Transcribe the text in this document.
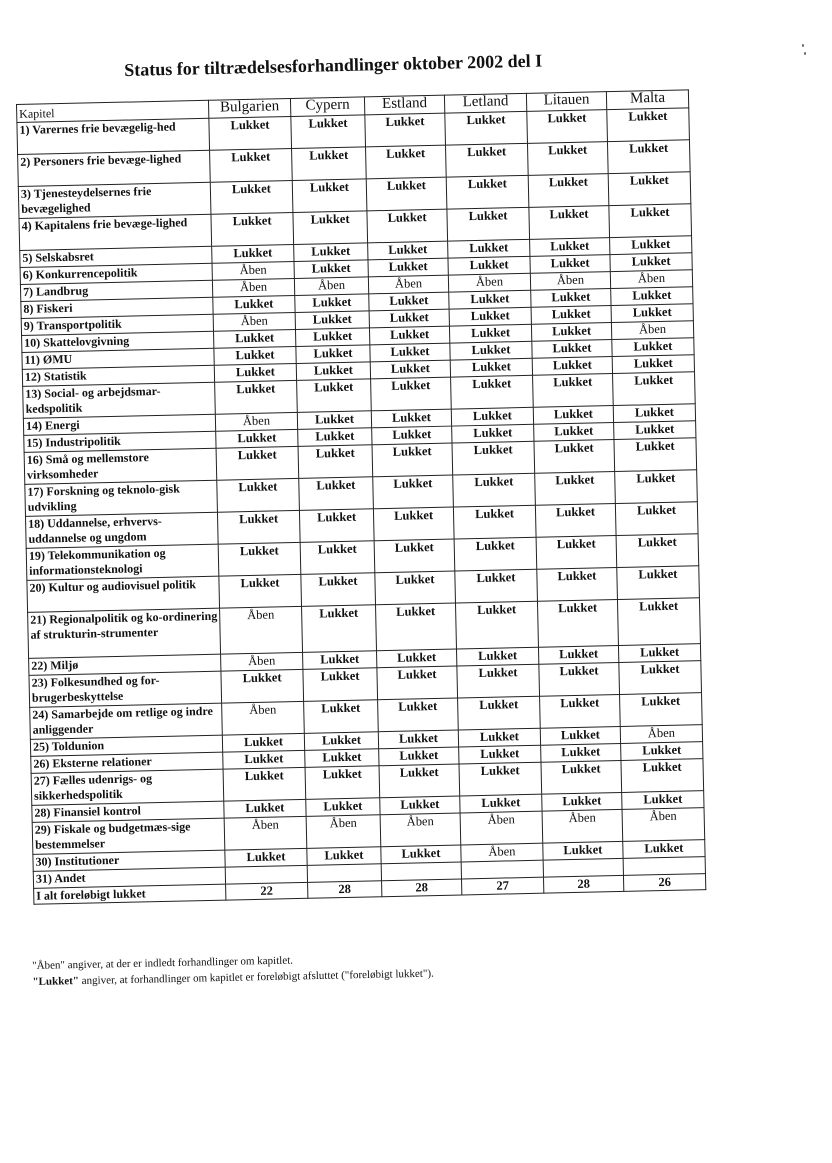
Status for tiltrædelsesforhandlinger oktober 2002 del I
Kapitel	Bulgarien	Cypern	Estland	Letland	Litauen	Malta
1) Varernes frie bevægelig-hed	Lukket	Lukket	Lukket	Lukket	Lukket	Lukket
2) Personers frie bevæge-lighed	Lukket	Lukket	Lukket	Lukket	Lukket	Lukket
3) Tjenesteydelsernes frie bevægelighed	Lukket	Lukket	Lukket	Lukket	Lukket	Lukket
4) Kapitalens frie bevæge-lighed	Lukket	Lukket	Lukket	Lukket	Lukket	Lukket
5) Selskabsret	Lukket	Lukket	Lukket	Lukket	Lukket	Lukket
6) Konkurrencepolitik	Åben	Lukket	Lukket	Lukket	Lukket	Lukket
7) Landbrug	Åben	Åben	Åben	Åben	Åben	Åben
8) Fiskeri	Lukket	Lukket	Lukket	Lukket	Lukket	Lukket
9) Transportpolitik	Åben	Lukket	Lukket	Lukket	Lukket	Lukket
10) Skattelovgivning	Lukket	Lukket	Lukket	Lukket	Lukket	Åben
11) ØMU	Lukket	Lukket	Lukket	Lukket	Lukket	Lukket
12) Statistik	Lukket	Lukket	Lukket	Lukket	Lukket	Lukket
13) Social- og arbejdsmar-kedspolitik	Lukket	Lukket	Lukket	Lukket	Lukket	Lukket
14) Energi	Åben	Lukket	Lukket	Lukket	Lukket	Lukket
15) Industripolitik	Lukket	Lukket	Lukket	Lukket	Lukket	Lukket
16) Små og mellemstore virksomheder	Lukket	Lukket	Lukket	Lukket	Lukket	Lukket
17) Forskning og teknolo-gisk udvikling	Lukket	Lukket	Lukket	Lukket	Lukket	Lukket
18) Uddannelse, erhvervs-uddannelse og ungdom	Lukket	Lukket	Lukket	Lukket	Lukket	Lukket
19) Telekommunikation og informationsteknologi	Lukket	Lukket	Lukket	Lukket	Lukket	Lukket
20) Kultur og audiovisuel politik	Lukket	Lukket	Lukket	Lukket	Lukket	Lukket
21) Regionalpolitik og ko-ordinering af strukturin-strumenter	Åben	Lukket	Lukket	Lukket	Lukket	Lukket
22) Miljø	Åben	Lukket	Lukket	Lukket	Lukket	Lukket
23) Folkesundhed og for-brugerbeskyttelse	Lukket	Lukket	Lukket	Lukket	Lukket	Lukket
24) Samarbejde om retlige og indre anliggender	Åben	Lukket	Lukket	Lukket	Lukket	Lukket
25) Toldunion	Lukket	Lukket	Lukket	Lukket	Lukket	Åben
26) Eksterne relationer	Lukket	Lukket	Lukket	Lukket	Lukket	Lukket
27) Fælles udenrigs- og sikkerhedspolitik	Lukket	Lukket	Lukket	Lukket	Lukket	Lukket
28) Finansiel kontrol	Lukket	Lukket	Lukket	Lukket	Lukket	Lukket
29) Fiskale og budgetmæs-sige bestemmelser	Åben	Åben	Åben	Åben	Åben	Åben
30) Institutioner	Lukket	Lukket	Lukket	Åben	Lukket	Lukket
31) Andet						
I alt foreløbigt lukket	22	28	28	27	28	26
"Åben" angiver, at der er indledt forhandlinger om kapitlet.
"Lukket" angiver, at forhandlinger om kapitlet er foreløbigt afsluttet ("foreløbigt lukket").
